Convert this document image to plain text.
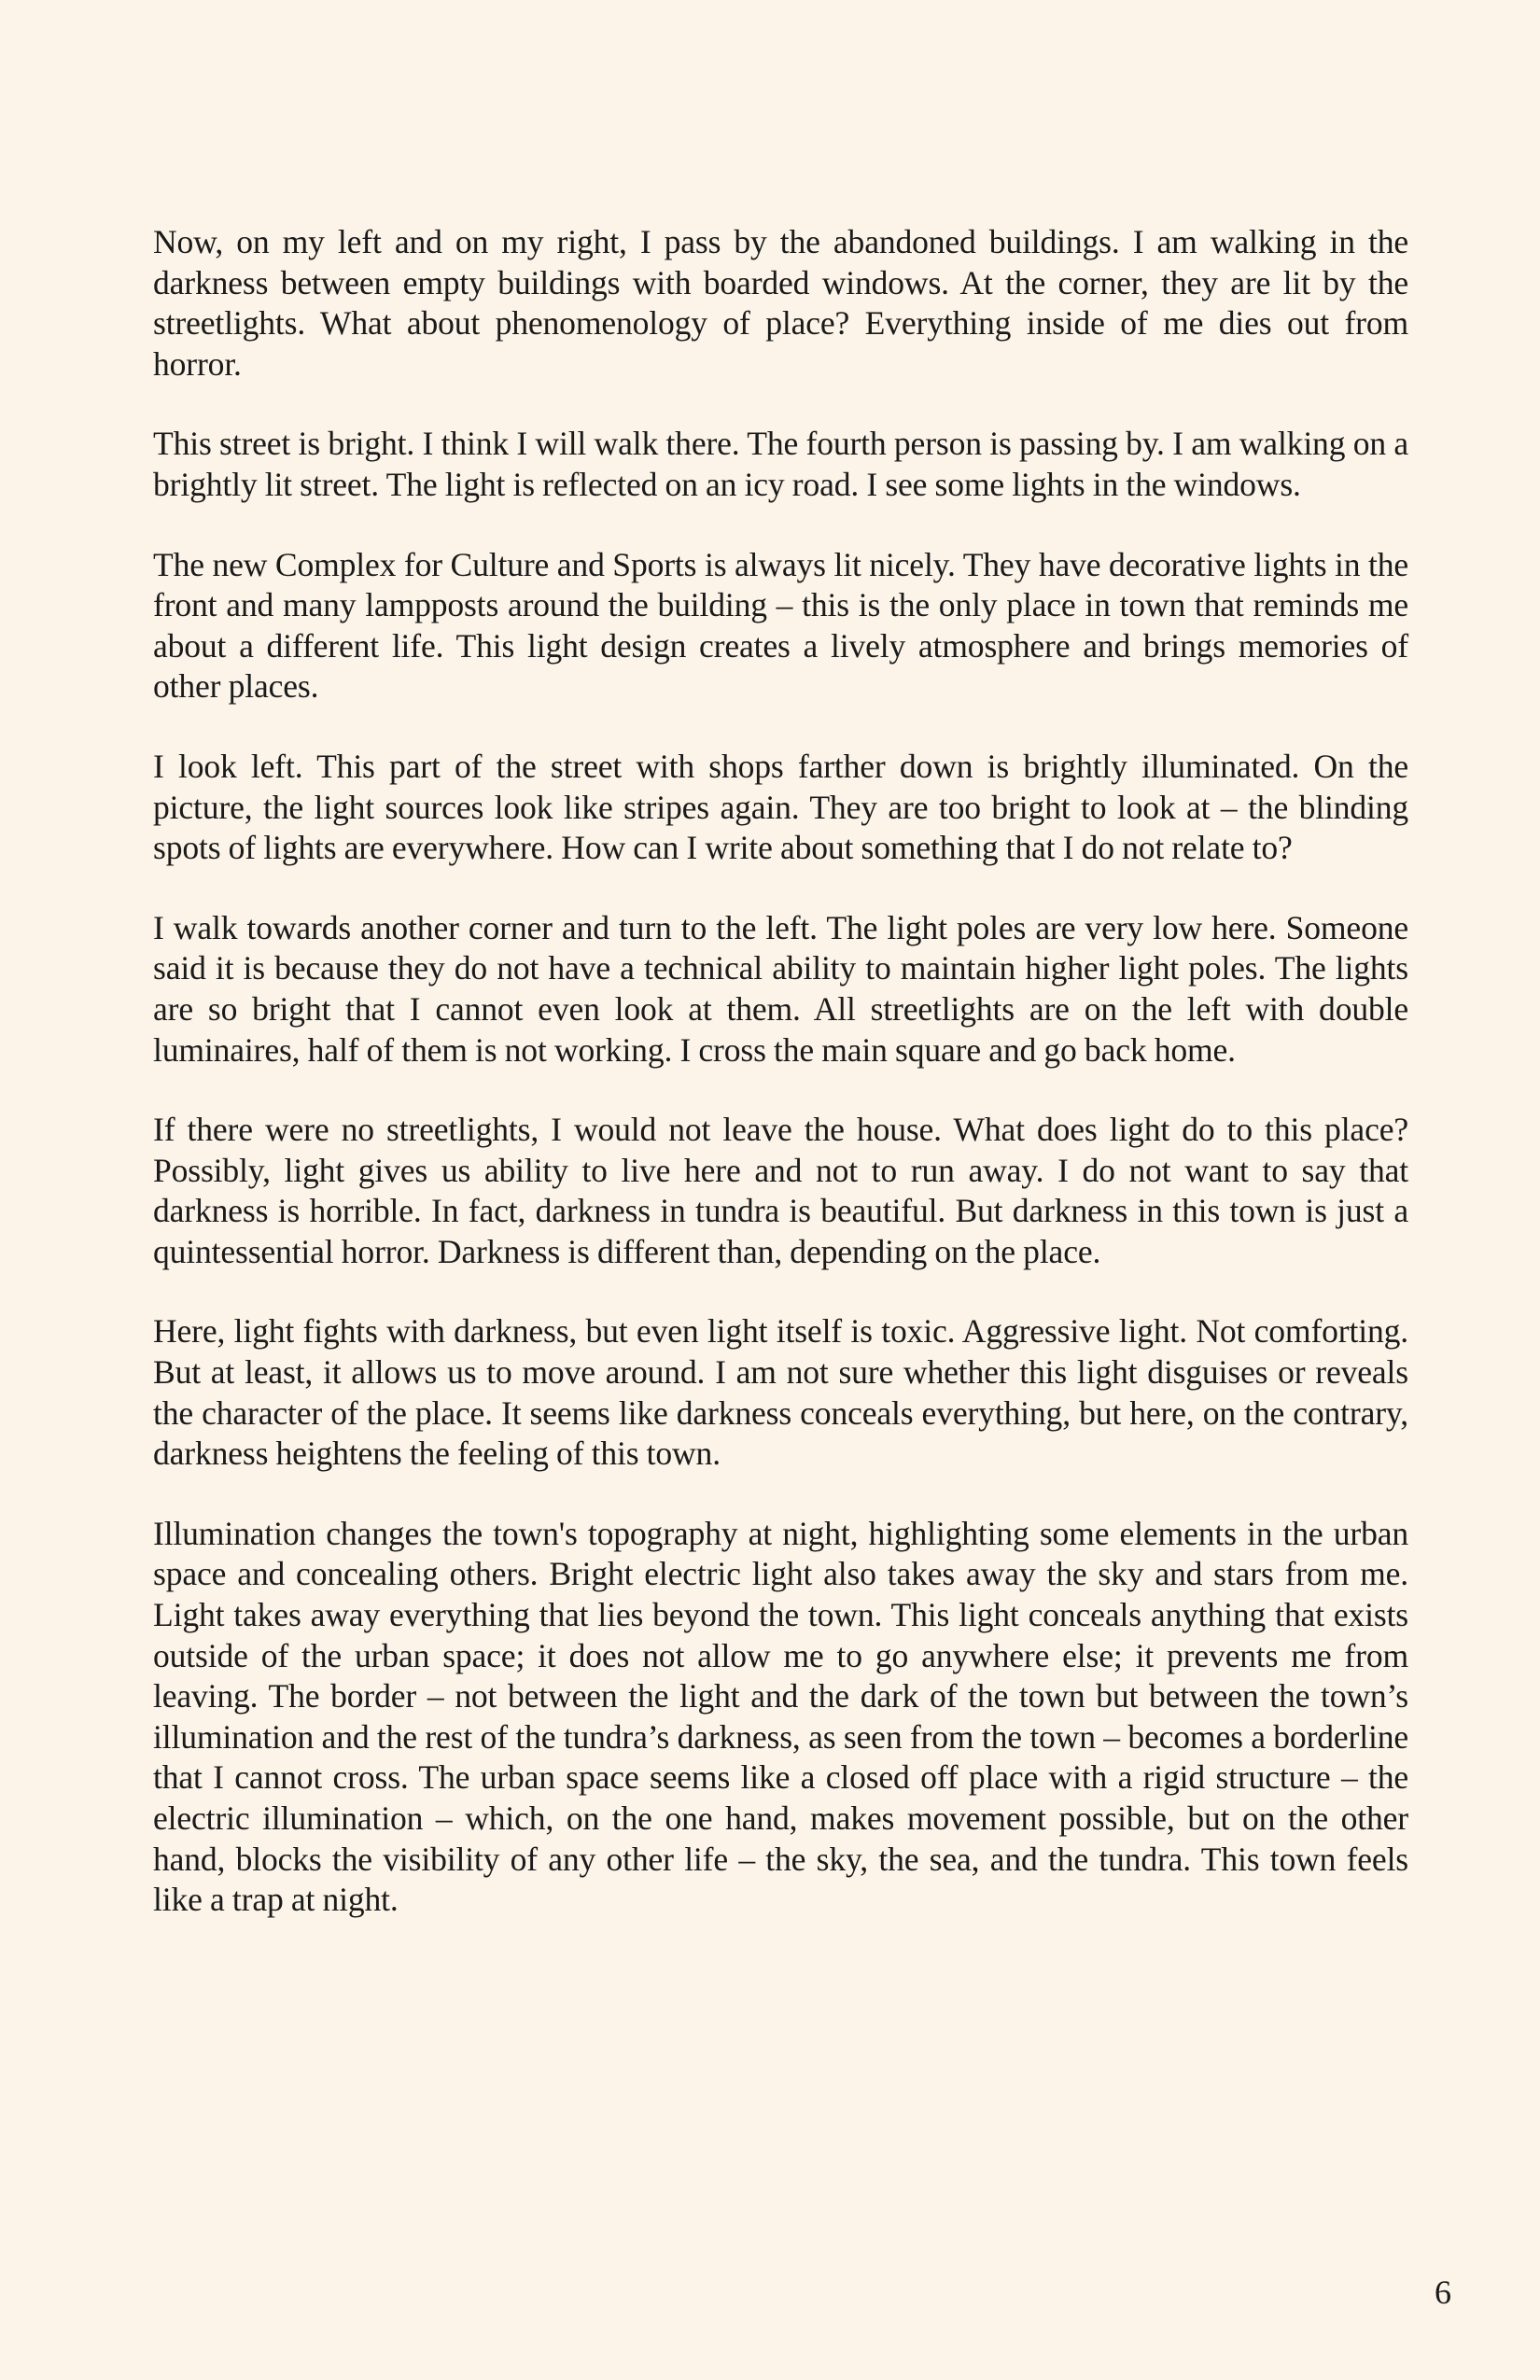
Now, on my left and on my right, I pass by the abandoned buildings. I am walking in the darkness between empty buildings with boarded windows. At the corner, they are lit by the streetlights. What about phenomenology of place? Everything inside of me dies out from horror.

This street is bright. I think I will walk there. The fourth person is passing by. I am walking on a brightly lit street. The light is reflected on an icy road. I see some lights in the windows.

The new Complex for Culture and Sports is always lit nicely. They have decorative lights in the front and many lampposts around the building – this is the only place in town that reminds me about a different life. This light design creates a lively atmosphere and brings memories of other places.

I look left. This part of the street with shops farther down is brightly illuminated. On the picture, the light sources look like stripes again. They are too bright to look at – the blinding spots of lights are everywhere. How can I write about something that I do not relate to?

I walk towards another corner and turn to the left. The light poles are very low here. Someone said it is because they do not have a technical ability to maintain higher light poles. The lights are so bright that I cannot even look at them. All streetlights are on the left with double luminaires, half of them is not working. I cross the main square and go back home.

If there were no streetlights, I would not leave the house. What does light do to this place? Possibly, light gives us ability to live here and not to run away. I do not want to say that darkness is horrible. In fact, darkness in tundra is beautiful. But darkness in this town is just a quintessential horror. Darkness is different than, depending on the place.

Here, light fights with darkness, but even light itself is toxic. Aggressive light. Not comforting. But at least, it allows us to move around. I am not sure whether this light disguises or reveals the character of the place. It seems like darkness conceals everything, but here, on the contrary, darkness heightens the feeling of this town.

Illumination changes the town's topography at night, highlighting some elements in the urban space and concealing others. Bright electric light also takes away the sky and stars from me. Light takes away everything that lies beyond the town. This light conceals anything that exists outside of the urban space; it does not allow me to go anywhere else; it prevents me from leaving. The border – not between the light and the dark of the town but between the town’s illumination and the rest of the tundra’s darkness, as seen from the town – becomes a borderline that I cannot cross. The urban space seems like a closed off place with a rigid structure – the electric illumination – which, on the one hand, makes movement possible, but on the other hand, blocks the visibility of any other life – the sky, the sea, and the tundra. This town feels like a trap at night.

6
